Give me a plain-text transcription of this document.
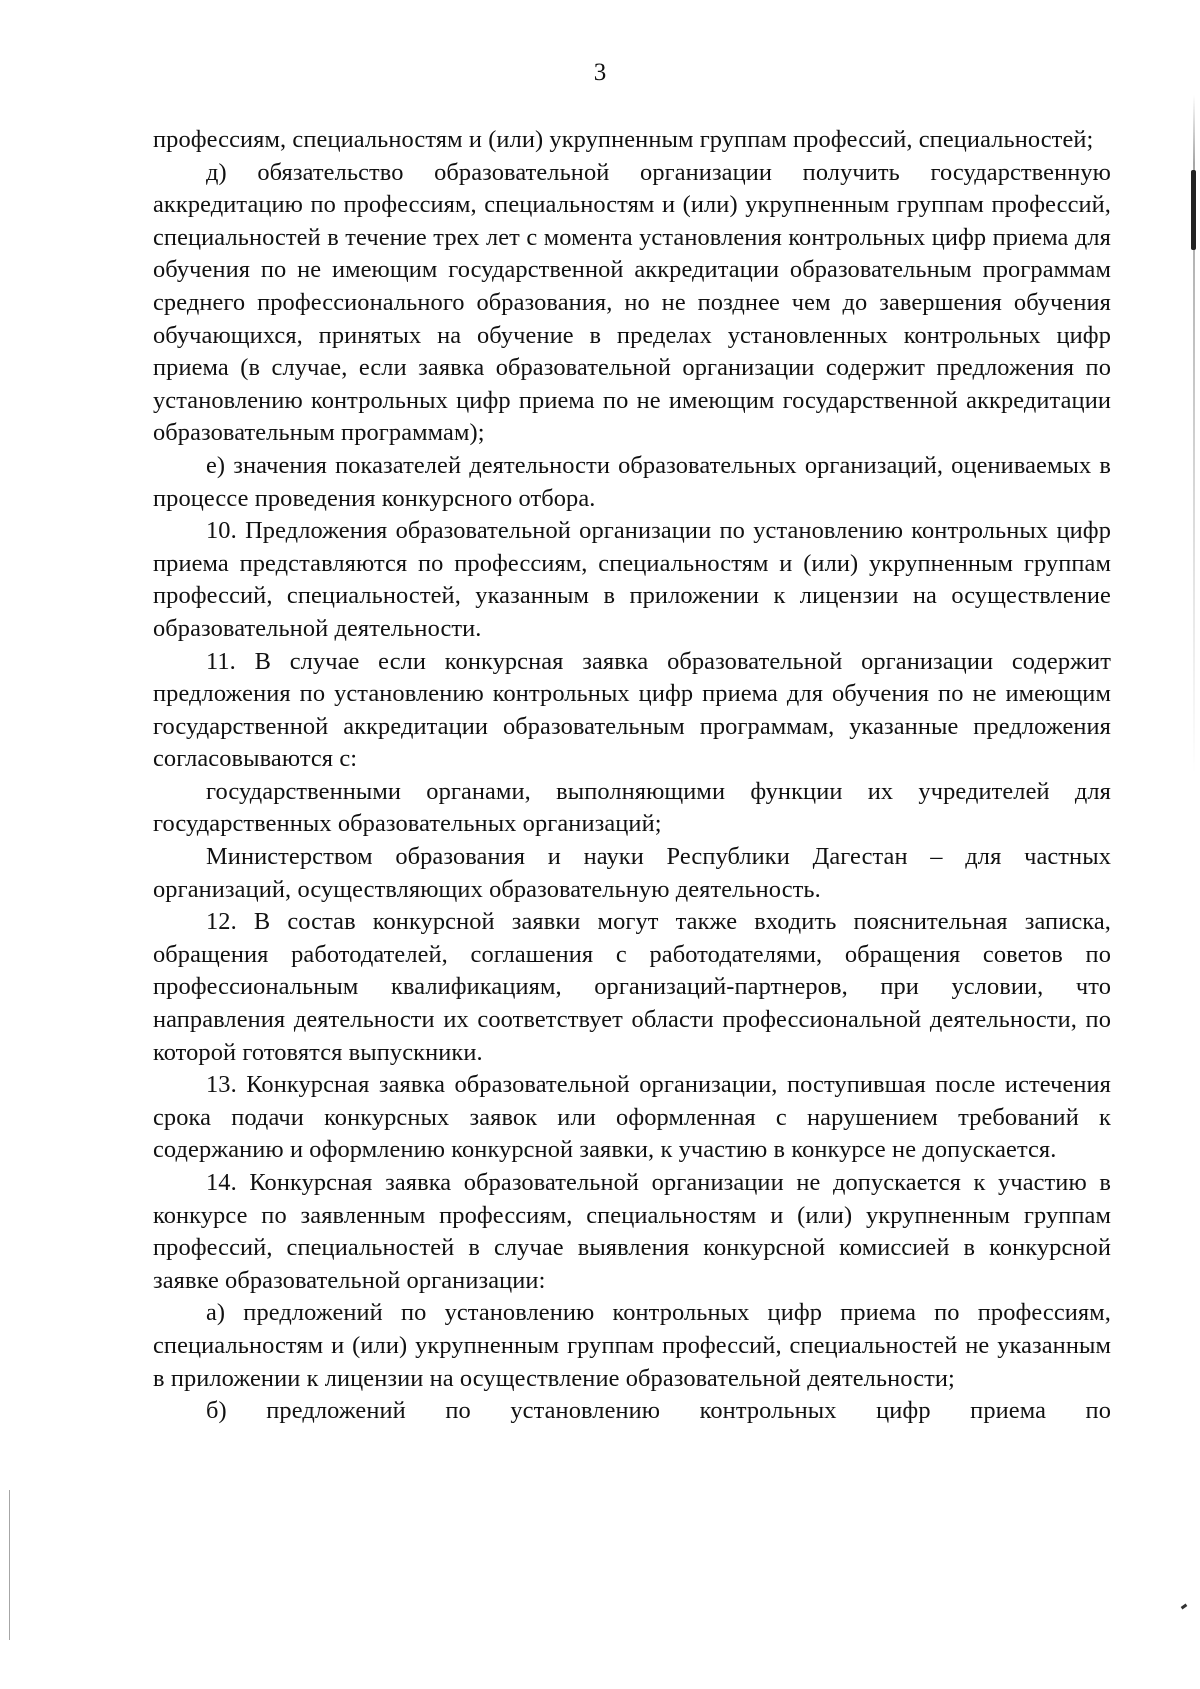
3

профессиям, специальностям и (или) укрупненным группам профессий, специальностей;

д) обязательство образовательной организации получить государственную аккредитацию по профессиям, специальностям и (или) укрупненным группам профессий, специальностей в течение трех лет с момента установления контрольных цифр приема для обучения по не имеющим государственной аккредитации образовательным программам среднего профессионального образования, но не позднее чем до завершения обучения обучающихся, принятых на обучение в пределах установленных контрольных цифр приема (в случае, если заявка образовательной организации содержит предложения по установлению контрольных цифр приема по не имеющим государственной аккредитации образовательным программам);

е) значения показателей деятельности образовательных организаций, оцениваемых в процессе проведения конкурсного отбора.

10. Предложения образовательной организации по установлению контрольных цифр приема представляются по профессиям, специальностям и (или) укрупненным группам профессий, специальностей, указанным в приложении к лицензии на осуществление образовательной деятельности.

11. В случае если конкурсная заявка образовательной организации содержит предложения по установлению контрольных цифр приема для обучения по не имеющим государственной аккредитации образовательным программам, указанные предложения согласовываются с:

государственными органами, выполняющими функции их учредителей для государственных образовательных организаций;

Министерством образования и науки Республики Дагестан – для частных организаций, осуществляющих образовательную деятельность.

12. В состав конкурсной заявки могут также входить пояснительная записка, обращения работодателей, соглашения с работодателями, обращения советов по профессиональным квалификациям, организаций-партнеров, при условии, что направления деятельности их соответствует области профессиональной деятельности, по которой готовятся выпускники.

13. Конкурсная заявка образовательной организации, поступившая после истечения срока подачи конкурсных заявок или оформленная с нарушением требований к содержанию и оформлению конкурсной заявки, к участию в конкурсе не допускается.

14. Конкурсная заявка образовательной организации не допускается к участию в конкурсе по заявленным профессиям, специальностям и (или) укрупненным группам профессий, специальностей в случае выявления конкурсной комиссией в конкурсной заявке образовательной организации:

а) предложений по установлению контрольных цифр приема по профессиям, специальностям и (или) укрупненным группам профессий, специальностей не указанным в приложении к лицензии на осуществление образовательной деятельности;

б) предложений по установлению контрольных цифр приема по
